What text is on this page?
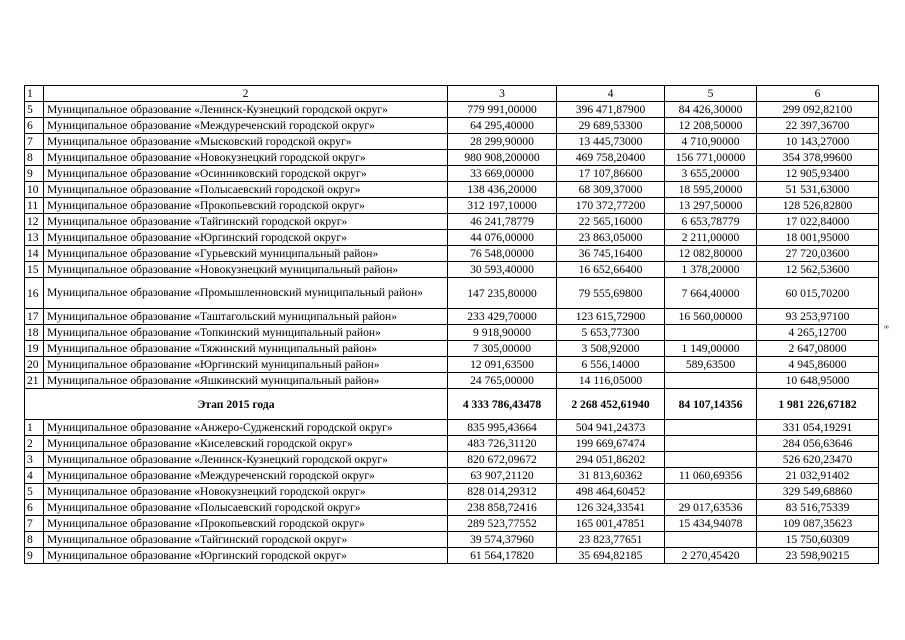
∞
1	2	3	4	5	6
5	Муниципальное образование «Ленинск-Кузнецкий городской округ»	779 991,00000	396 471,87900	84 426,30000	299 092,82100
6	Муниципальное образование «Междуреченский городской округ»	64 295,40000	29 689,53300	12 208,50000	22 397,36700
7	Муниципальное образование «Мысковский городской округ»	28 299,90000	13 445,73000	4 710,90000	10 143,27000
8	Муниципальное образование «Новокузнецкий городской округ»	980 908,200000	469 758,20400	156 771,00000	354 378,99600
9	Муниципальное образование «Осинниковский городской округ»	33 669,00000	17 107,86600	3 655,20000	12 905,93400
10	Муниципальное образование «Полысаевский городской округ»	138 436,20000	68 309,37000	18 595,20000	51 531,63000
11	Муниципальное образование «Прокопьевский городской округ»	312 197,10000	170 372,77200	13 297,50000	128 526,82800
12	Муниципальное образование «Тайгинский городской округ»	46 241,78779	22 565,16000	6 653,78779	17 022,84000
13	Муниципальное образование «Юргинский городской округ»	44 076,00000	23 863,05000	2 211,00000	18 001,95000
14	Муниципальное образование «Гурьевский муниципальный район»	76 548,00000	36 745,16400	12 082,80000	27 720,03600
15	Муниципальное образование «Новокузнецкий муниципальный район»	30 593,40000	16 652,66400	1 378,20000	12 562,53600
16	Муниципальное образование «Промышленновский муниципальный район»	147 235,80000	79 555,69800	7 664,40000	60 015,70200
17	Муниципальное образование «Таштагольский муниципальный район»	233 429,70000	123 615,72900	16 560,00000	93 253,97100
18	Муниципальное образование «Топкинский муниципальный район»	9 918,90000	5 653,77300		4 265,12700
19	Муниципальное образование «Тяжинский муниципальный район»	7 305,00000	3 508,92000	1 149,00000	2 647,08000
20	Муниципальное образование «Юргинский муниципальный район»	12 091,63500	6 556,14000	589,63500	4 945,86000
21	Муниципальное образование «Яшкинский муниципальный район»	24 765,00000	14 116,05000		10 648,95000
Этап 2015 года		4 333 786,43478	2 268 452,61940	84 107,14356	1 981 226,67182
1	Муниципальное образование «Анжеро-Судженский городской округ»	835 995,43664	504 941,24373		331 054,19291
2	Муниципальное образование «Киселевский городской округ»	483 726,31120	199 669,67474		284 056,63646
3	Муниципальное образование «Ленинск-Кузнецкий городской округ»	820 672,09672	294 051,86202		526 620,23470
4	Муниципальное образование «Междуреченский городской округ»	63 907,21120	31 813,60362	11 060,69356	21 032,91402
5	Муниципальное образование «Новокузнецкий городской округ»	828 014,29312	498 464,60452		329 549,68860
6	Муниципальное образование «Полысаевский городской округ»	238 858,72416	126 324,33541	29 017,63536	83 516,75339
7	Муниципальное образование «Прокопьевский городской округ»	289 523,77552	165 001,47851	15 434,94078	109 087,35623
8	Муниципальное образование «Тайгинский городской округ»	39 574,37960	23 823,77651		15 750,60309
9	Муниципальное образование «Юргинский городской округ»	61 564,17820	35 694,82185	2 270,45420	23 598,90215
